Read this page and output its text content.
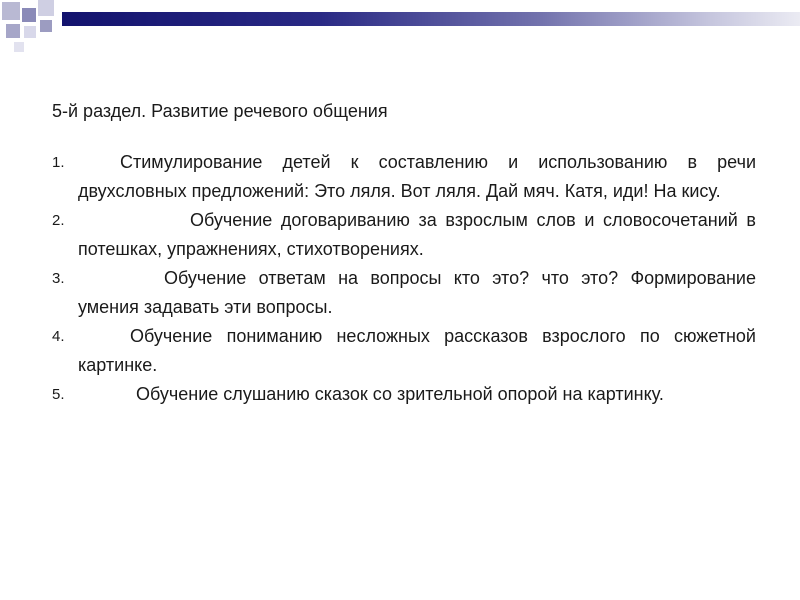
5-й раздел. Развитие речевого общения

1.	Стимулирование детей к составлению и использованию в речи двухсловных предложений: Это ляля. Вот ляля. Дай мяч. Катя, иди! На кису.

2.	Обучение договариванию за взрослым слов и словосочетаний в потешках, упражнениях, стихотворениях.

3.	Обучение ответам на вопросы кто это? что это? Формирование умения задавать эти вопросы.

4.	Обучение пониманию несложных рассказов взрослого по сюжетной картинке.

5.	Обучение слушанию сказок со зрительной опорой на картинку.
